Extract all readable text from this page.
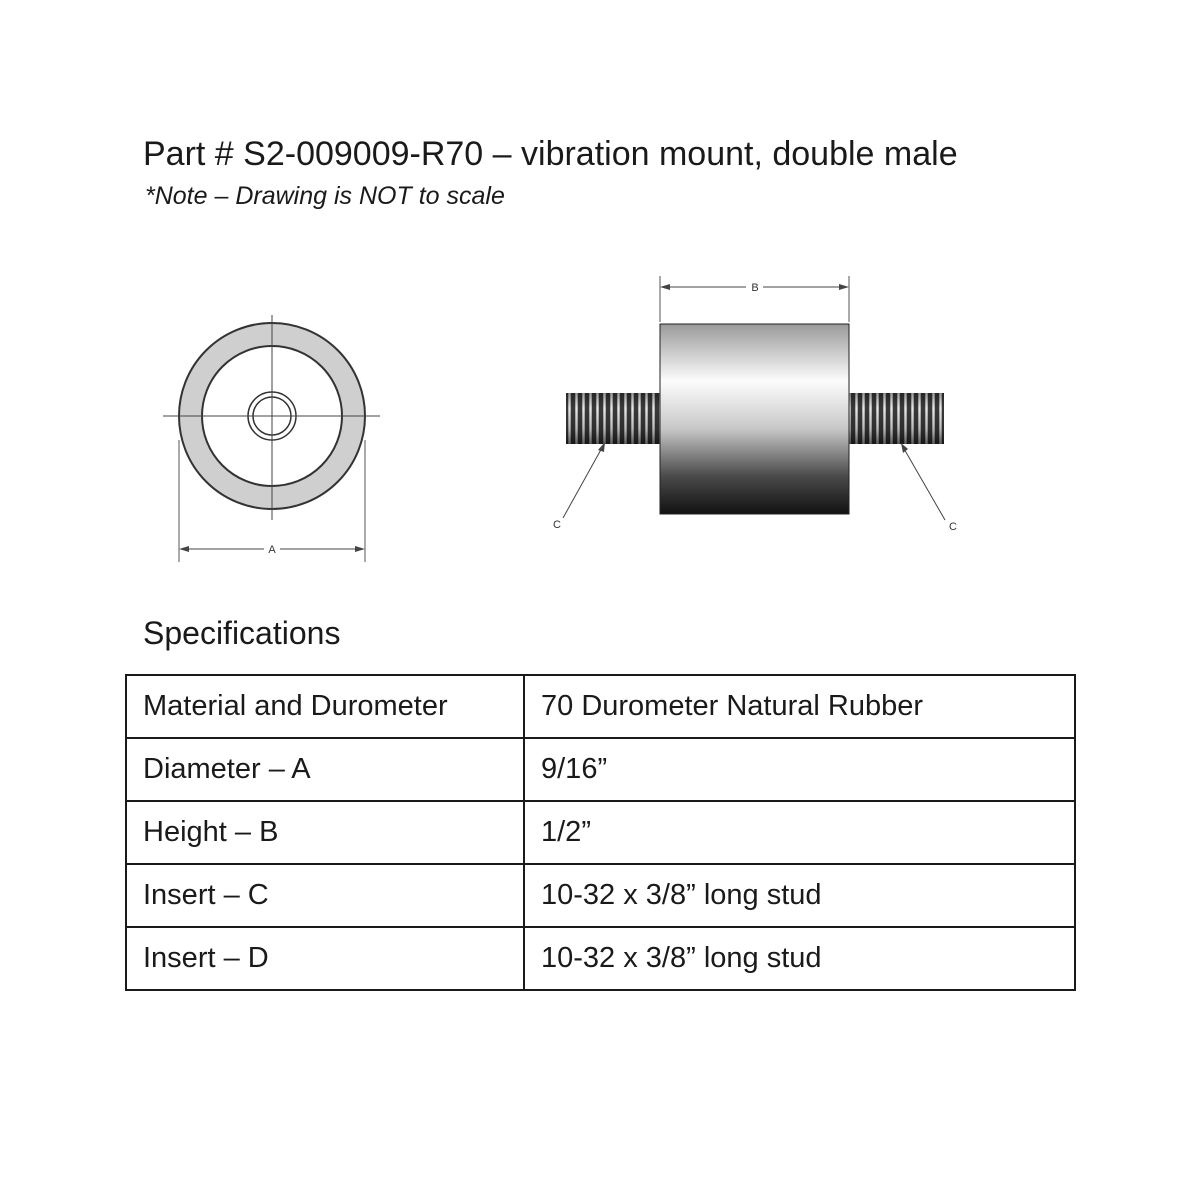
Part # S2-009009-R70 – vibration mount, double male
*Note – Drawing is NOT to scale
A
B
C	C
Specifications
Material and Durometer	70 Durometer Natural Rubber
Diameter – A	9/16”
Height – B	1/2”
Insert – C	10-32 x 3/8” long stud
Insert – D	10-32 x 3/8” long stud
